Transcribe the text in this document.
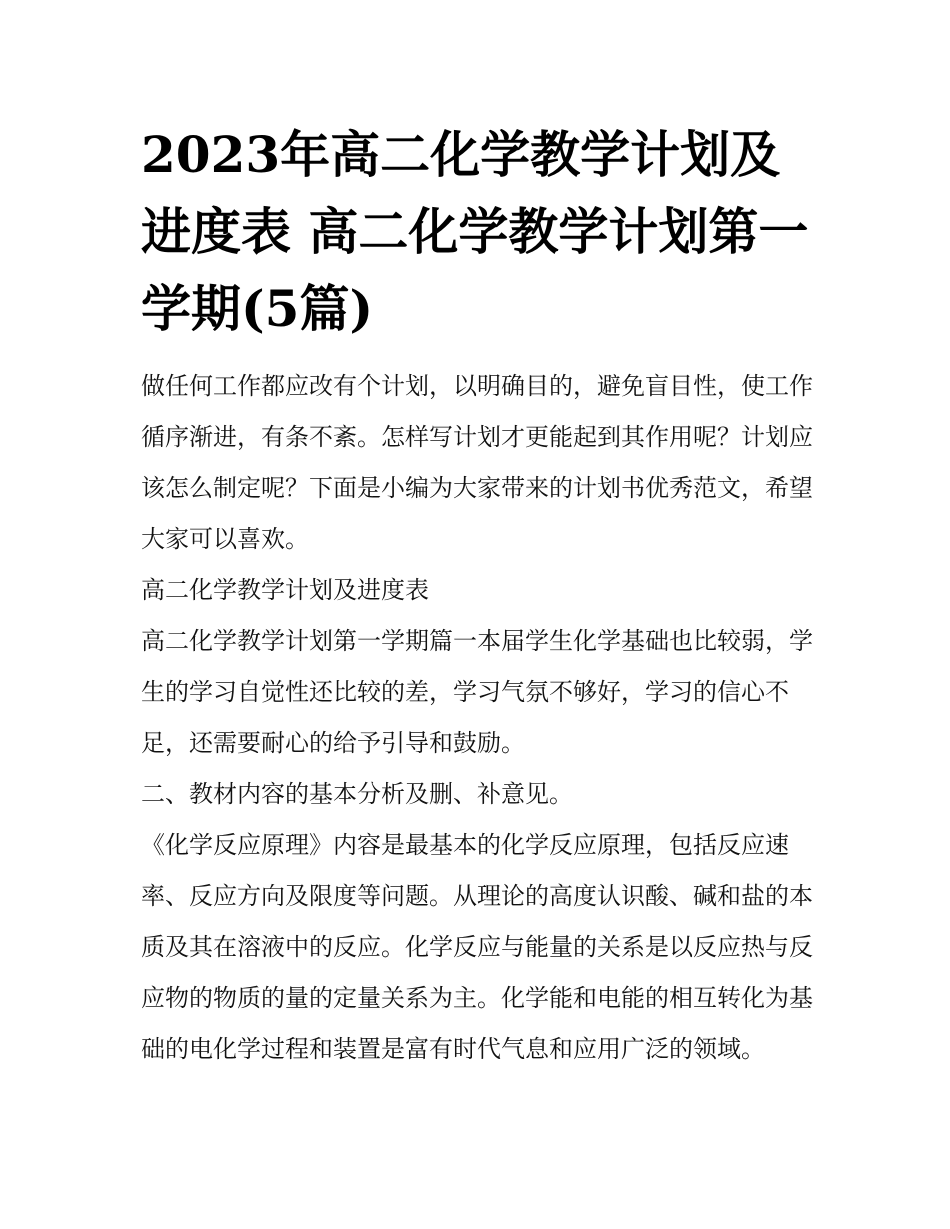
2023年高二化学教学计划及进度表 高二化学教学计划第一学期(5篇)

做任何工作都应改有个计划，以明确目的，避免盲目性，使工作循序渐进，有条不紊。怎样写计划才更能起到其作用呢？计划应该怎么制定呢？下面是小编为大家带来的计划书优秀范文，希望大家可以喜欢。

高二化学教学计划及进度表

高二化学教学计划第一学期篇一本届学生化学基础也比较弱，学生的学习自觉性还比较的差，学习气氛不够好，学习的信心不足，还需要耐心的给予引导和鼓励。

二、教材内容的基本分析及删、补意见。

《化学反应原理》内容是最基本的化学反应原理，包括反应速率、反应方向及限度等问题。从理论的高度认识酸、碱和盐的本质及其在溶液中的反应。化学反应与能量的关系是以反应热与反应物的物质的量的定量关系为主。化学能和电能的相互转化为基础的电化学过程和装置是富有时代气息和应用广泛的领域。
